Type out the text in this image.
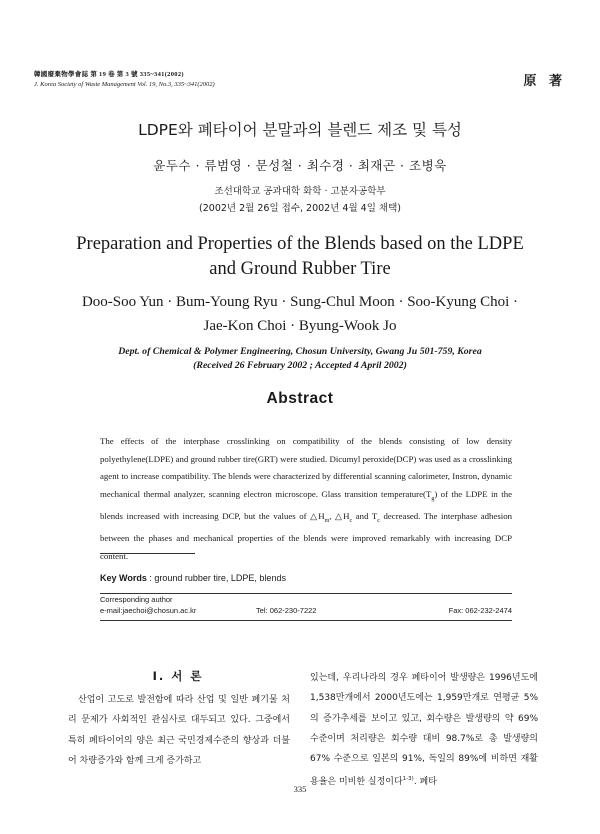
韓國廢棄物學會誌 第 19 卷 第 3 號 335~341(2002)
J. Korea Society of Waste Management Vol. 19, No.3, 335~341(2002)	原 著
LDPE와 폐타이어 분말과의 블렌드 제조 및 특성
윤두수 · 류범영 · 문성철 · 최수경 · 최재곤 · 조병욱
조선대학교 공과대학 화학 · 고분자공학부
(2002년 2월 26일 접수, 2002년 4월 4일 채택)
Preparation and Properties of the Blends based on the LDPE
and Ground Rubber Tire
Doo-Soo Yun · Bum-Young Ryu · Sung-Chul Moon · Soo-Kyung Choi ·
Jae-Kon Choi · Byung-Wook Jo
Dept. of Chemical & Polymer Engineering, Chosun University, Gwang Ju 501-759, Korea
(Received 26 February 2002 ; Accepted 4 April 2002)
Abstract
The effects of the interphase crosslinking on compatibility of the blends consisting of low density polyethylene(LDPE) and ground rubber tire(GRT) were studied. Dicumyl peroxide(DCP) was used as a crosslinking agent to increase compatibility. The blends were characterized by differential scanning calorimeter, Instron, dynamic mechanical thermal analyzer, scanning electron microscope. Glass transition $temperature(T_g)$ of the LDPE in the blends increased with increasing DCP, but the values of $\triangle H_m$, $\triangle H_c$ and $T_c$ decreased. The interphase adhesion between the phases and mechanical properties of the blends were improved remarkably with increasing DCP content.
Key Words : ground rubber tire, LDPE, blends
Corresponding author
e-mail:jaechoi@chosun.ac.kr	Tel: 062-230-7222	Fax: 062-232-2474
I. 서 론

산업이 고도로 발전함에 따라 산업 및 일반 폐기물 처리 문제가 사회적인 관심사로 대두되고 있다. 그중에서 특히 폐타이어의 양은 최근 국민경제수준의 향상과 더불어 차량증가와 함께 크게 증가하고

있는데, 우리나라의 경우 폐타이어 발생량은 1996년도에 1,538만개에서 2000년도에는 1,959만개로 연평균 5%의 증가추세를 보이고 있고, 회수량은 발생량의 약 69% 수준이며 처리량은 회수량 대비 98.7%로 총 발생량의 67% 수준으로 일본의 91%, 독일의 89%에 비하면 재활용율은 미비한 실정이다$^{1-3)}$. 폐타

335
